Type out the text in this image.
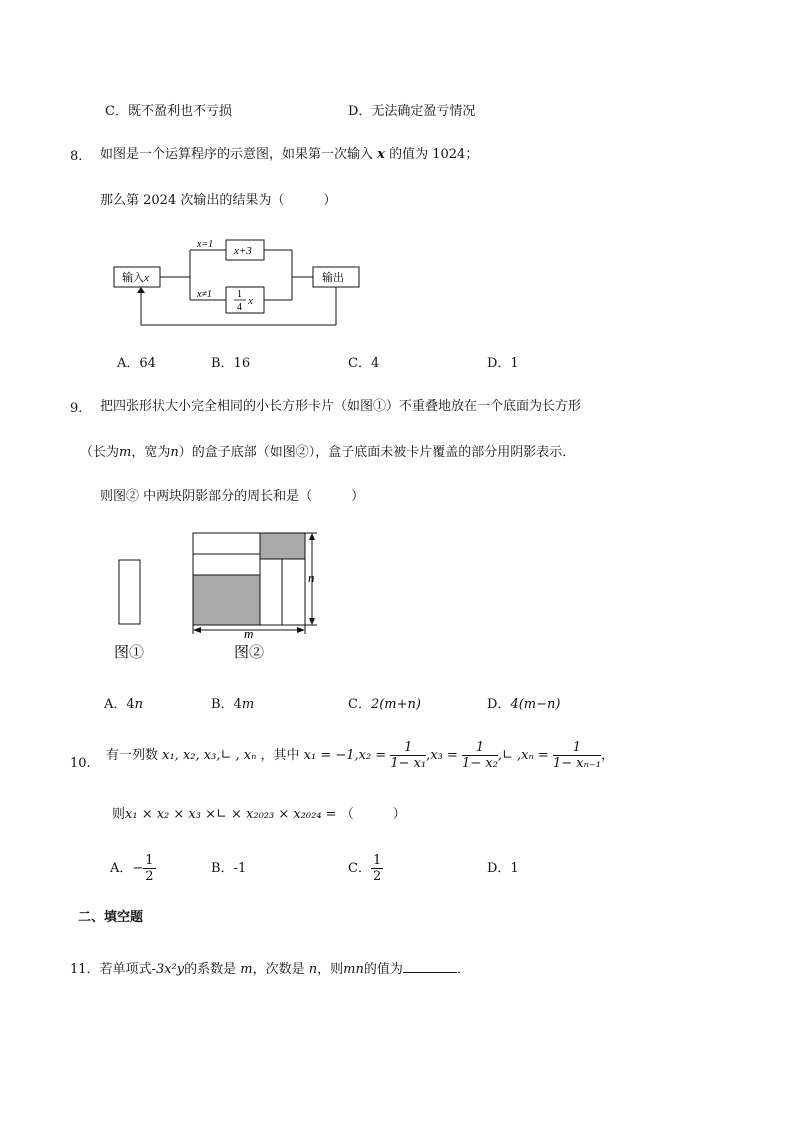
C．既不盈利也不亏损	D．无法确定盈亏情况
8. 如图是一个运算程序的示意图，如果第一次输入 x 的值为 1024；
那么第 2024 次输出的结果为（　　　）
输入x	输出
x=1
x≠1
x+3
1
4
x
A．64	B．16	C．4	D．1
9. 把四张形状大小完全相同的小长方形卡片（如图①）不重叠地放在一个底面为长方形
（长为m，宽为n）的盒子底部（如图②），盒子底面未被卡片覆盖的部分用阴影表示．
则图② 中两块阴影部分的周长和是（　　　）
n
m
图①	图②
A．4n	B．4m	C．2(m+n)	D．4(m−n)
10.
有一列数 x₁, x₂, x₃,∟ , xₙ ，其中 $x_1 = -1,x_2 = \frac{1}{\text{1− x₁}} ,x_3 = \frac{1}{\text{1− x₂}}$ ,∟ $,x_n = \frac{1}{\text{1− xₙ₋₁}}$ ，
则x₁ × x₂ × x₃ ×∟ × x₂₀₂₃ × x₂₀₂₄ = （　　　）
A．− $\frac{1}{2}$	B．-1	C． $\frac{1}{2}$	D．1
二、填空题
11．若单项式-3x²y的系数是 m，次数是 n，则mn的值为	．
